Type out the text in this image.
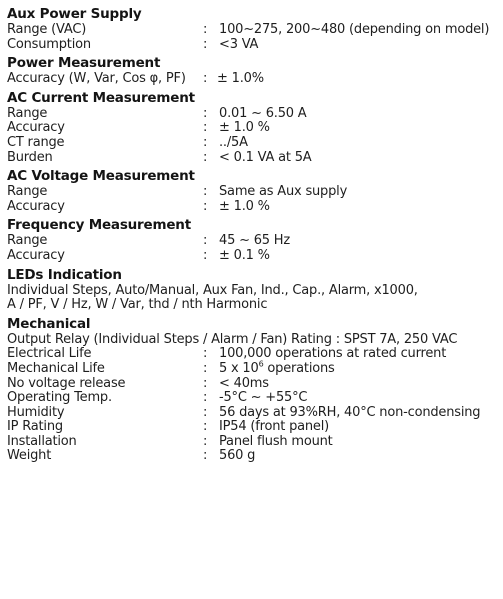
Aux Power Supply
Range (VAC)	: 100~275, 200~480 (depending on model)
Consumption	: <3 VA
Power Measurement
Accuracy (W, Var, Cos φ, PF)	: ± 1.0%
AC Current Measurement
Range	: 0.01 ~ 6.50 A
Accuracy	: ± 1.0 %
CT range	: ../5A
Burden	: < 0.1 VA at 5A
AC Voltage Measurement
Range	: Same as Aux supply
Accuracy	: ± 1.0 %
Frequency Measurement
Range	: 45 ~ 65 Hz
Accuracy	: ± 0.1 %
LEDs Indication
Individual Steps, Auto/Manual, Aux Fan, Ind., Cap., Alarm, x1000,
A / PF, V / Hz, W / Var, thd / nth Harmonic
Mechanical
Output Relay (Individual Steps / Alarm / Fan) Rating : SPST 7A, 250 VAC
Electrical Life	: 100,000 operations at rated current
Mechanical Life	: 5 x $10^6$ operations
No voltage release	: < 40ms
Operating Temp.	: -5°C ~ +55°C
Humidity	: 56 days at 93%RH, 40°C non-condensing
IP Rating	: IP54 (front panel)
Installation	: Panel flush mount
Weight	: 560 g
